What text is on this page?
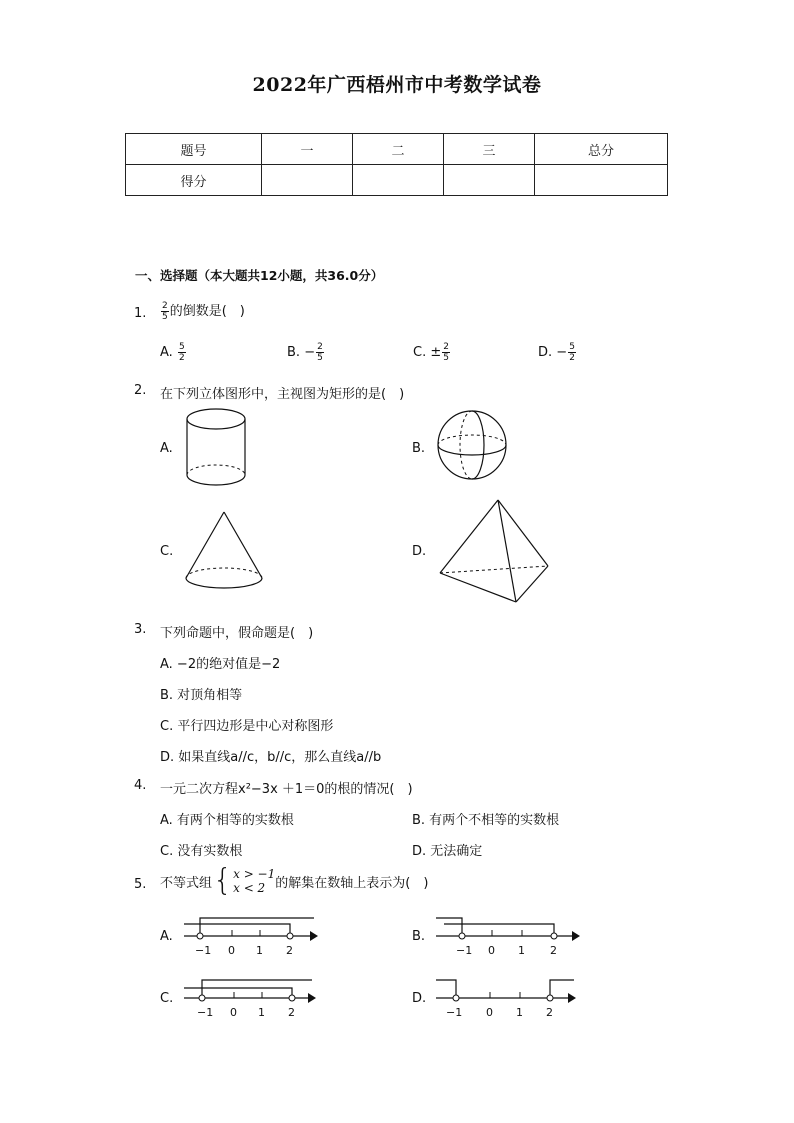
2022年广西梧州市中考数学试卷
题号	一	二	三	总分
得分				
一、选择题（本大题共12小题，共36.0分）
1. $\frac{2}{5}$ 的倒数是(　)
A. $\frac{5}{2}$	B. − $\frac{2}{5}$	C. ± $\frac{2}{5}$	D. − $\frac{5}{2}$
2. 在下列立体图形中，主视图为矩形的是(　)
A.	B.
C.	D.
3. 下列命题中，假命题是(　)
A. −2的绝对值是−2
B. 对顶角相等
C. 平行四边形是中心对称图形
D. 如果直线a//c，b//c，那么直线a//b
4. 一元二次方程x²−3x ＋1＝0的根的情况(　)
A. 有两个相等的实数根	B. 有两个不相等的实数根
C. 没有实数根	D. 无法确定
5. 不等式组 { x > −1
x < 2 的解集在数轴上表示为(　)
A.
−1 0 1 2
B.
−1 0 1 2
C.
−1 0 1 2
D.
−1 0 1 2
